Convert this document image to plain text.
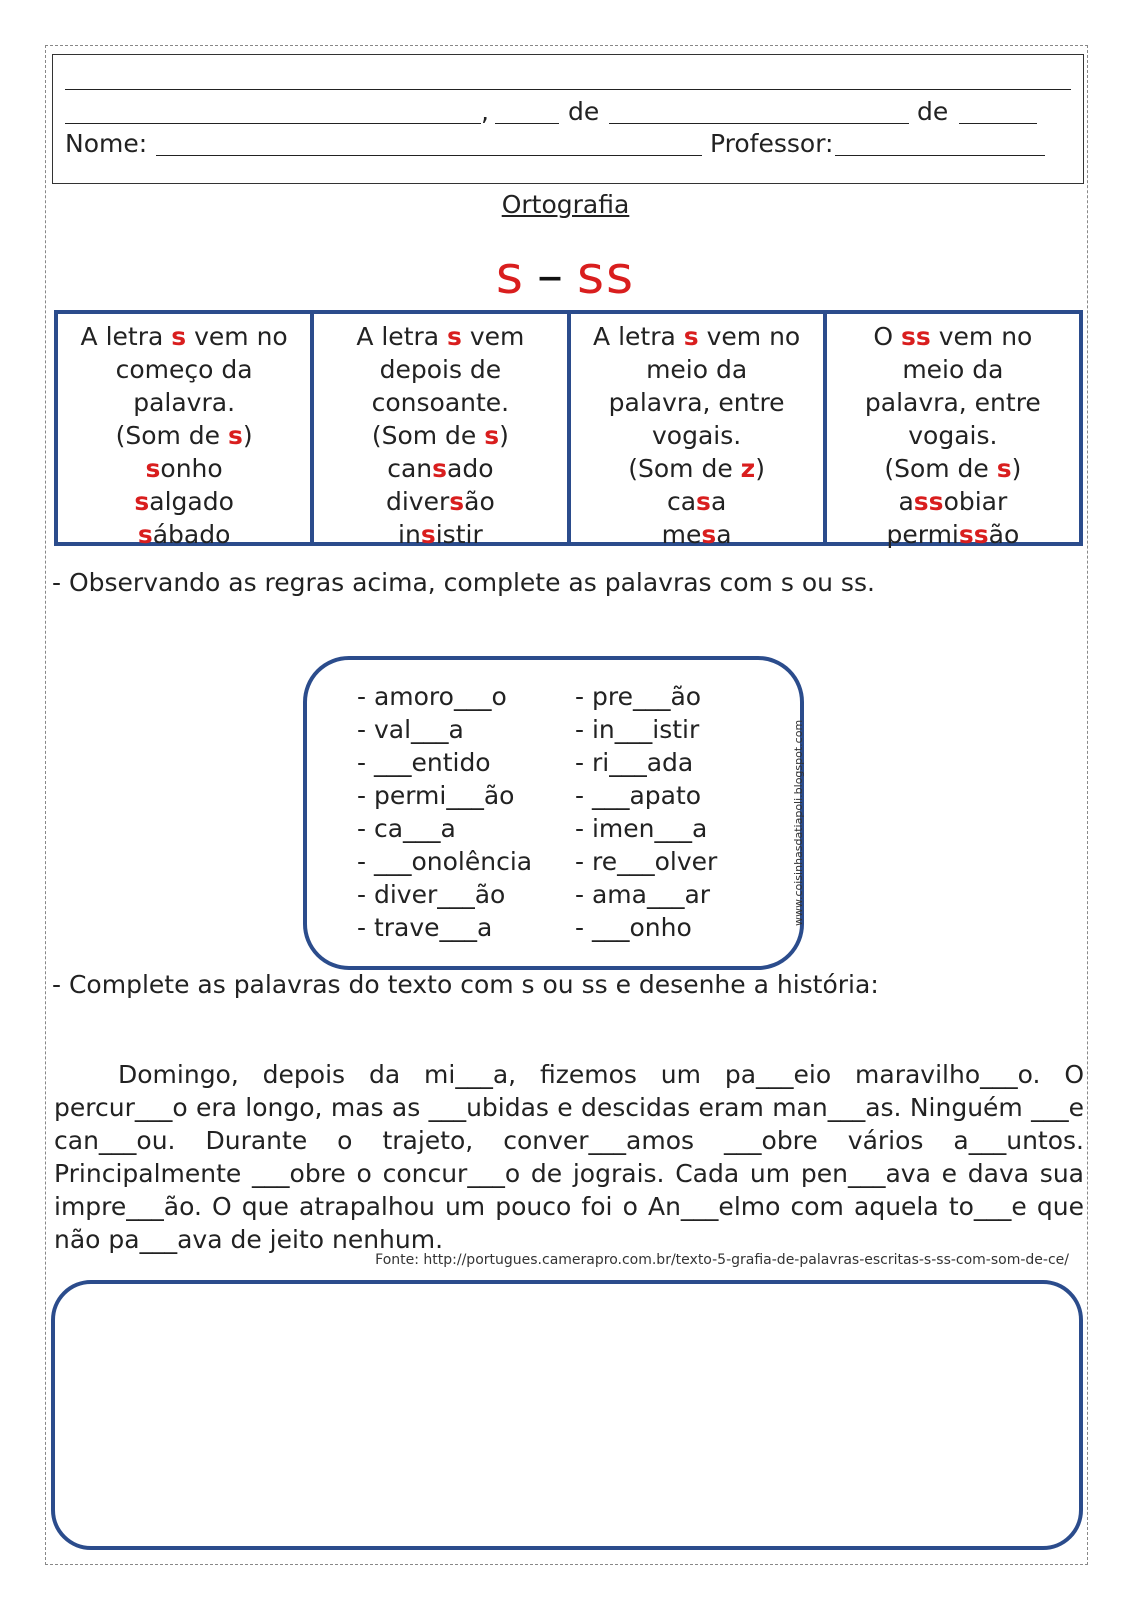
,	de	de
Nome:	Professor:
Ortografia
s – ss
A letra s vem no
começo da
palavra.
(Som de s)
sonho
salgado
sábado
A letra s vem
depois de
consoante.
(Som de s)
cansado
diversão
insistir
A letra s vem no
meio da
palavra, entre
vogais.
(Som de z)
casa
mesa
O ss vem no
meio da
palavra, entre
vogais.
(Som de s)
assobiar
permissão
- Observando as regras acima, complete as palavras com s ou ss.
- amoro___o
- val___a
- ___entido
- permi___ão
- ca___a
- ___onolência
- diver___ão
- trave___a
- pre___ão
- in___istir
- ri___ada
- ___apato
- imen___a
- re___olver
- ama___ar
- ___onho
www.coisinhasdatiapoli.blogspot.com
- Complete as palavras do texto com s ou ss e desenhe a história:
Domingo, depois da mi___a, fizemos um pa___eio maravilho___o. O percur___o era longo, mas as ___ubidas e descidas eram man___as. Ninguém ___e can___ou. Durante o trajeto, conver___amos ___obre vários a___untos. Principalmente ___obre o concur___o de jograis. Cada um pen___ava e dava sua impre___ão. O que atrapalhou um pouco foi o An___elmo com aquela to___e que não pa___ava de jeito nenhum.
Fonte: http://portugues.camerapro.com.br/texto-5-grafia-de-palavras-escritas-s-ss-com-som-de-ce/
